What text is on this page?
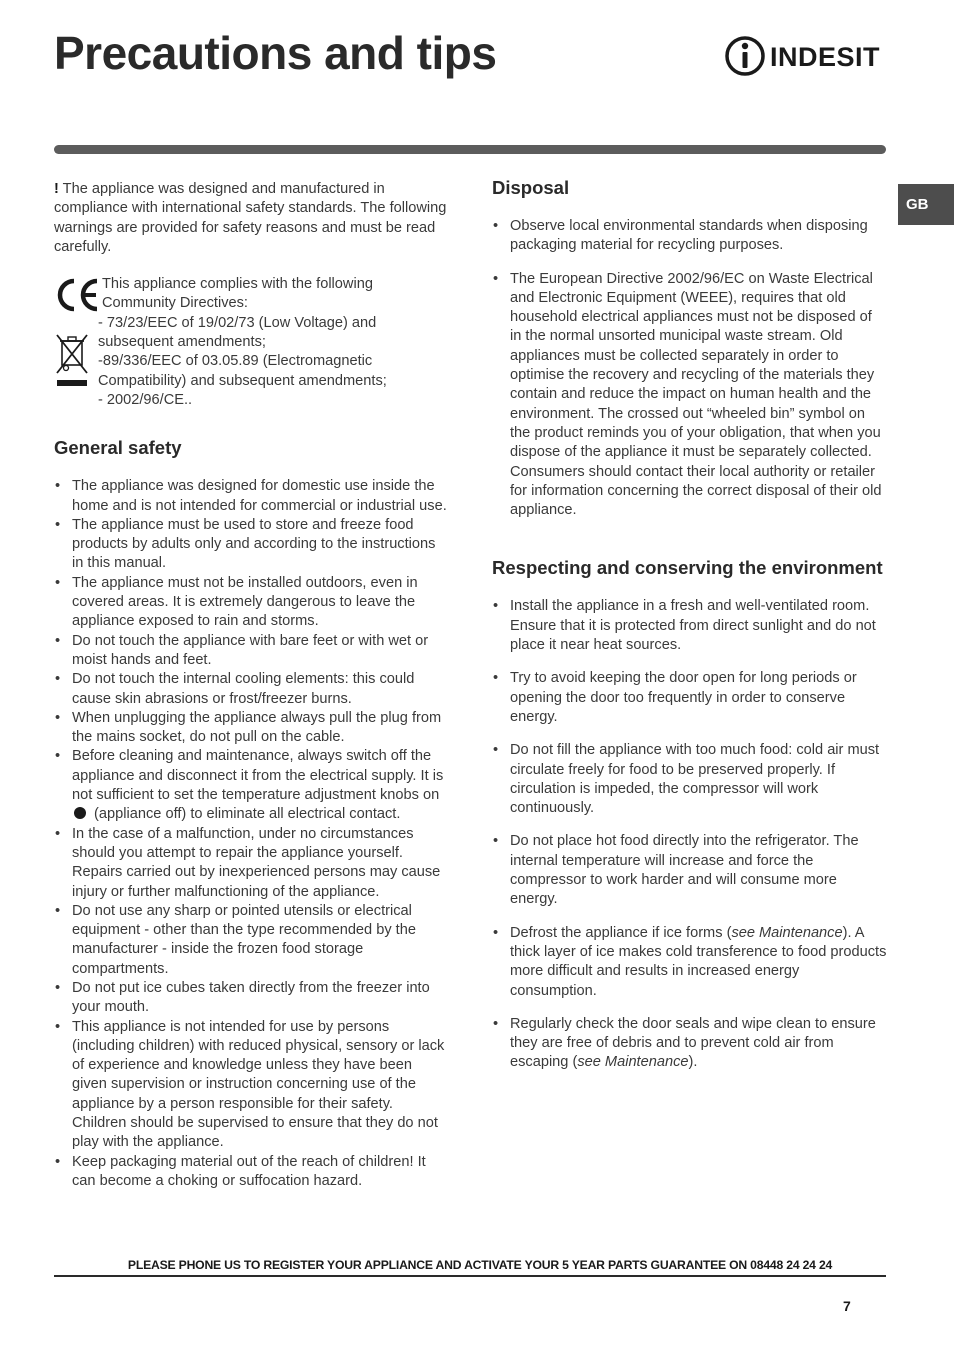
Precautions and tips	INDESIT
GB

! The appliance was designed and manufactured in compliance with international safety standards. The following warnings are provided for safety reasons and must be read carefully.

This appliance complies with the following Community Directives:

- 73/23/EEC of 19/02/73 (Low Voltage) and subsequent amendments;

-89/336/EEC of 03.05.89 (Electromagnetic Compatibility) and subsequent amendments;

- 2002/96/CE..

General safety
• The appliance was designed for domestic use inside the home and is not intended for commercial or industrial use.
• The appliance must be used to store and freeze food products by adults only and according to the instructions in this manual.
• The appliance must not be installed outdoors, even in covered areas. It is extremely dangerous to leave the appliance exposed to rain and storms.
• Do not touch the appliance with bare feet or with wet or moist hands and feet.
• Do not touch the internal cooling elements: this could cause skin abrasions or frost/freezer burns.
• When unplugging the appliance always pull the plug from the mains socket, do not pull on the cable.
• Before cleaning and maintenance, always switch off the appliance and disconnect it from the electrical supply. It is not sufficient to set the temperature adjustment knobs on  (appliance off) to eliminate all electrical contact.
• In the case of a malfunction, under no circumstances should you attempt to repair the appliance yourself. Repairs carried out by inexperienced persons may cause injury or further malfunctioning of the appliance.
• Do not use any sharp or pointed utensils or electrical equipment - other than the type recommended by the manufacturer - inside the frozen food storage compartments.
• Do not put ice cubes taken directly from the freezer into your mouth.
• This appliance is not intended for use by persons (including children) with reduced physical, sensory or lack of experience and knowledge unless they have been given supervision or instruction concerning use of the appliance by a person responsible for their safety. Children should be supervised to ensure that they do not play with the appliance.
• Keep packaging material out of the reach of children! It can become a choking or suffocation hazard.
Disposal
• Observe local environmental standards when disposing packaging material for recycling purposes.
• The European Directive 2002/96/EC on Waste Electrical and Electronic Equipment (WEEE), requires that old household electrical appliances must not be disposed of in the normal unsorted municipal waste stream. Old appliances must be collected separately in order to optimise the recovery and recycling of the materials they contain and reduce the impact on human health and the environment. The crossed out “wheeled bin” symbol on the product reminds you of your obligation, that when you dispose of the appliance it must be separately collected. Consumers should contact their local authority or retailer for information concerning the correct disposal of their old appliance.
Respecting and conserving the environment
• Install the appliance in a fresh and well-ventilated room. Ensure that it is protected from direct sunlight and do not place it near heat sources.
• Try to avoid keeping the door open for long periods or opening the door too frequently in order to conserve energy.
• Do not fill the appliance with too much food: cold air must circulate freely for food to be preserved properly. If circulation is impeded, the compressor will work continuously.
• Do not place hot food directly into the refrigerator. The internal temperature will increase and force the compressor to work harder and will consume more energy.
• Defrost the appliance if ice forms (see Maintenance). A thick layer of ice makes cold transference to food products more difficult and results in increased energy consumption.
• Regularly check the door seals and wipe clean to ensure they are free of debris and to prevent cold air from escaping (see Maintenance).
PLEASE PHONE US TO REGISTER YOUR APPLIANCE AND ACTIVATE YOUR 5 YEAR PARTS GUARANTEE ON 08448 24 24 24
7
